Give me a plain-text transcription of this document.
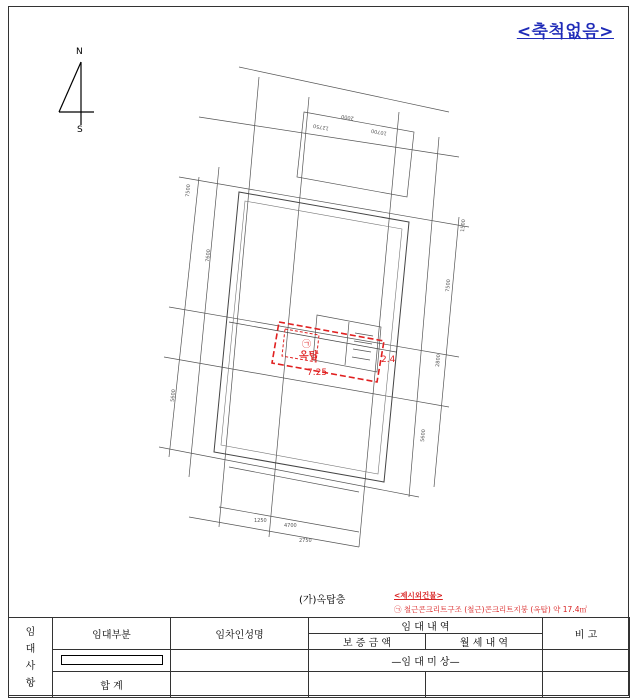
<축척없음>
N
S
㉠
옥탑
7.25
2.4
2000
12750
10700
7500
1500
7600
7500
2800
5600
5600
1250
4700
2750
(가)옥탑층	<제시외건물>
㉠ 철근콘크리트구조 (철근)콘크리트지붕 (옥탑) 약 17.4㎡
임
대
사
항	임대부분	임차인성명	임 대 내 역		비 고
			보 증 금 액	월 세 내 역	
			—임 대 미 상—		
	합 계				
